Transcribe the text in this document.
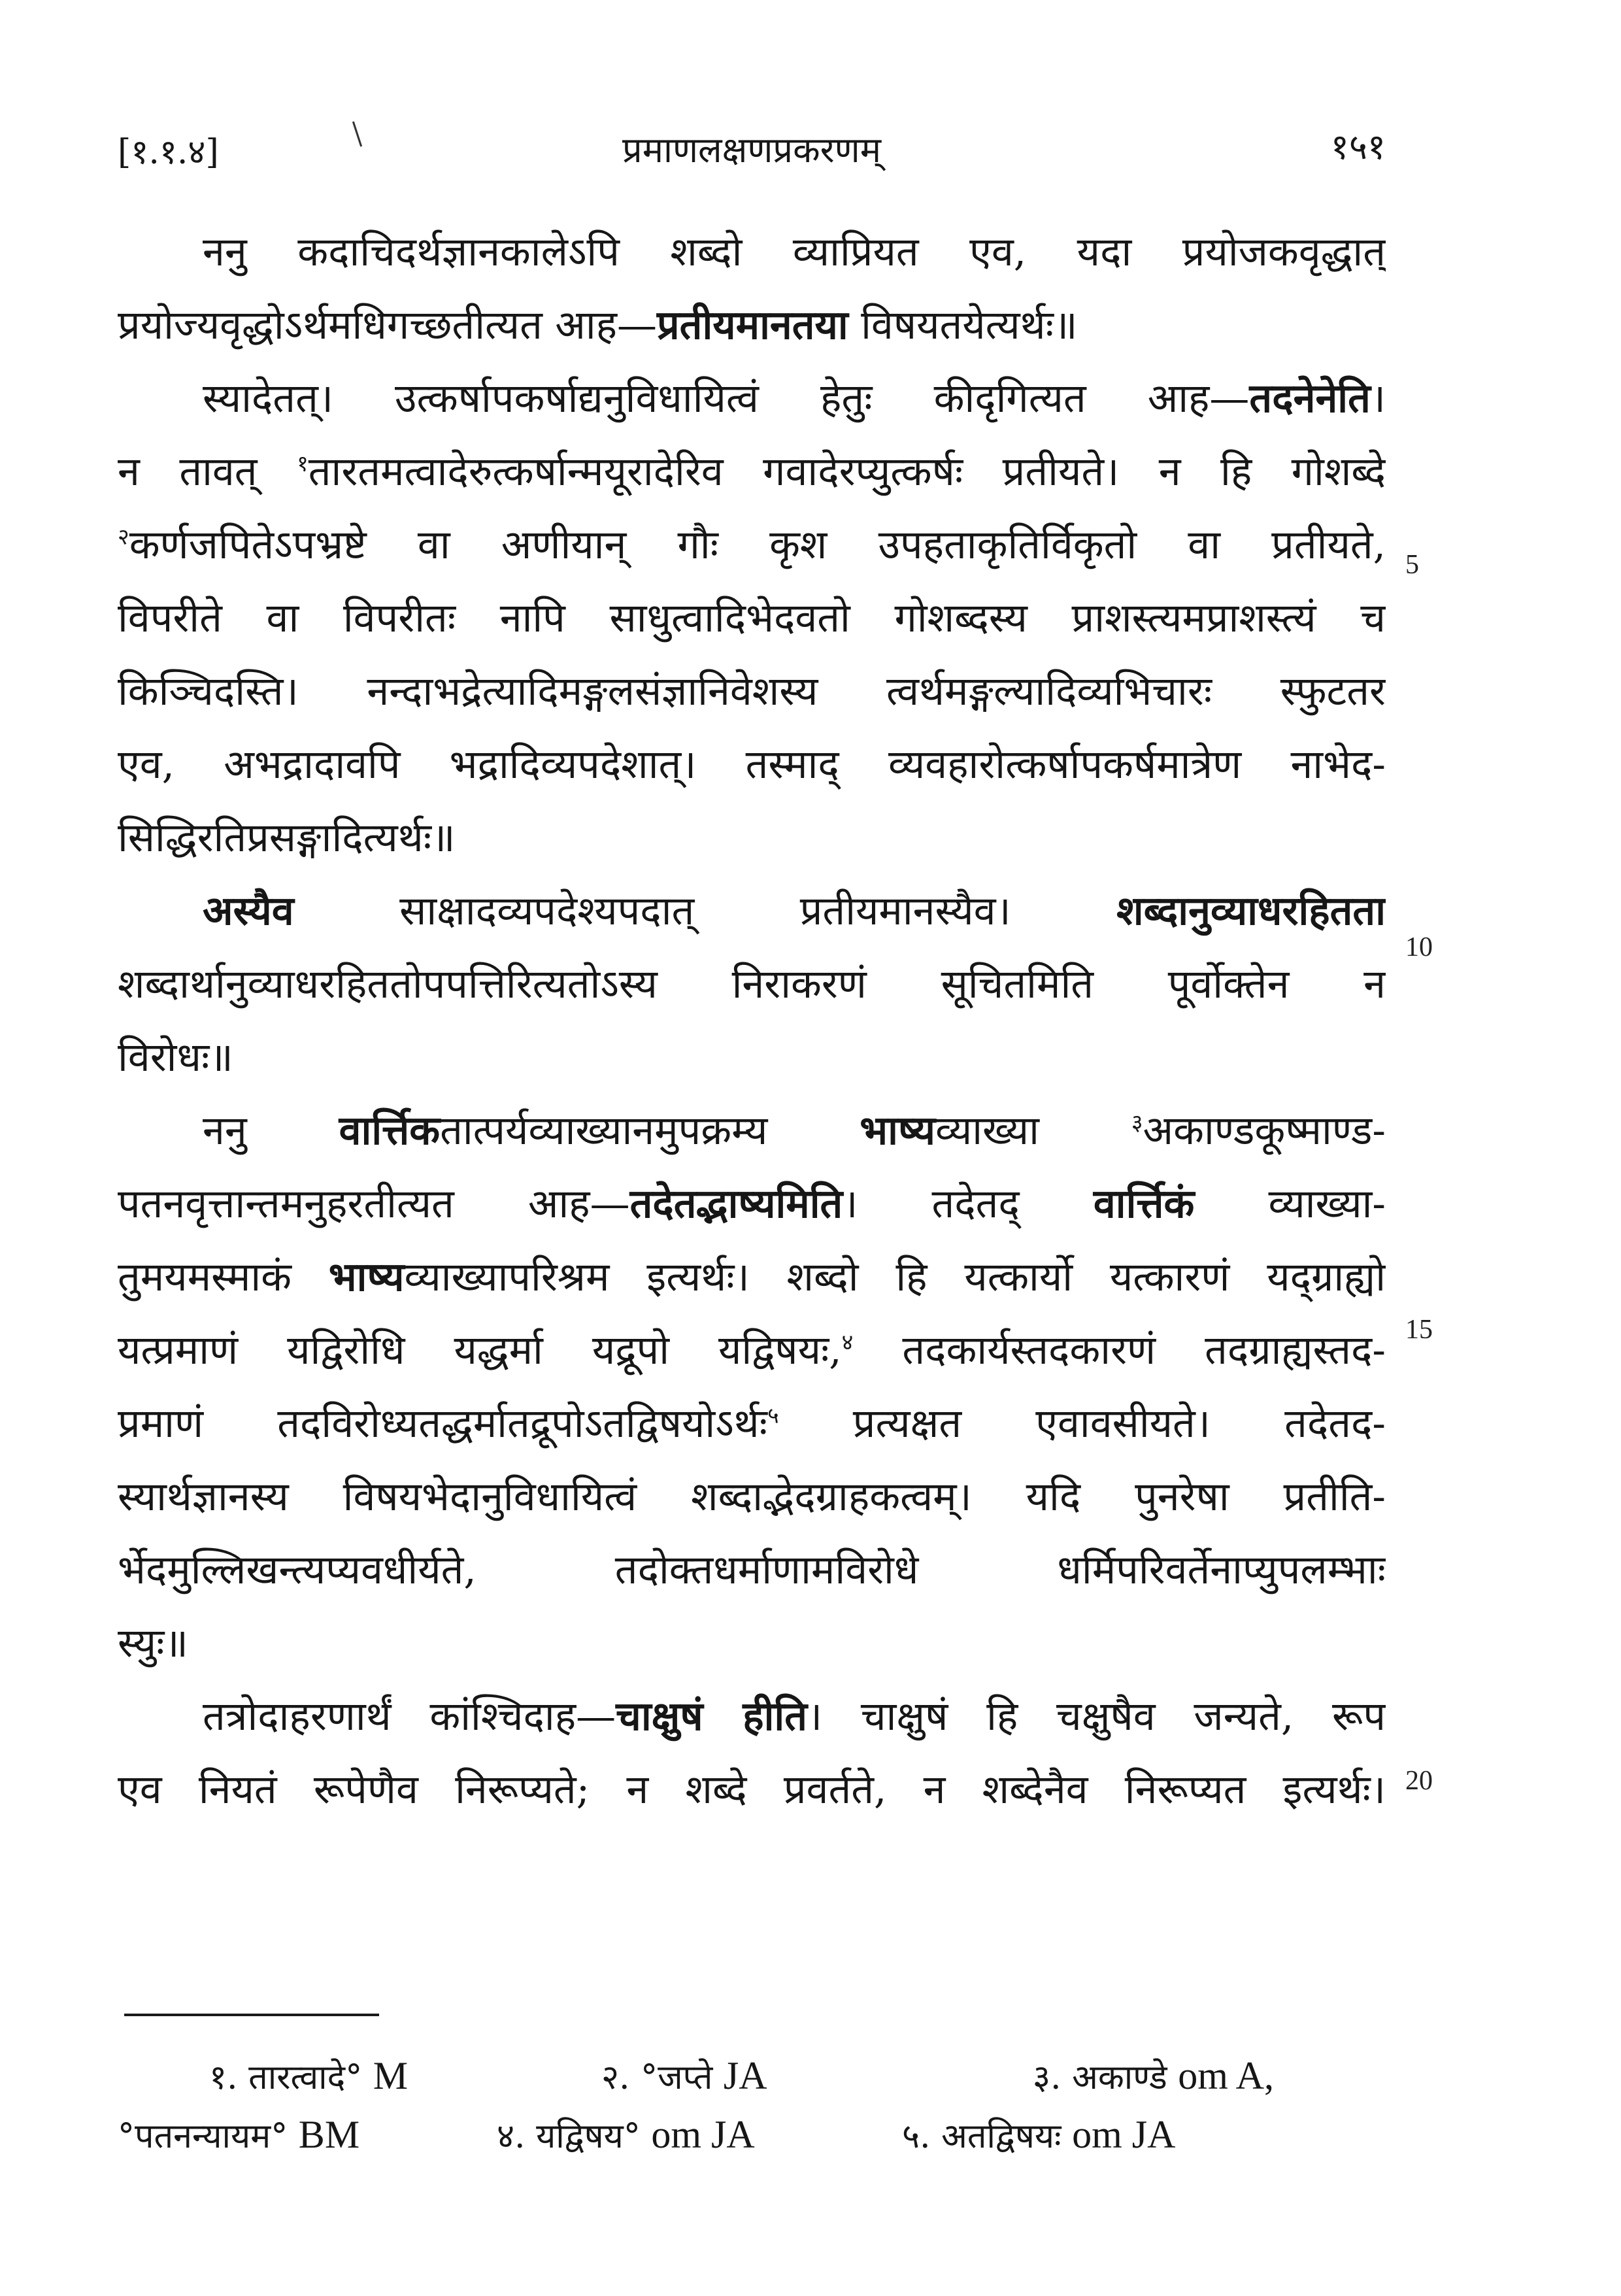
[१.१.४]	प्रमाणलक्षणप्रकरणम्	१५१
ननु कदाचिदर्थज्ञानकालेऽपि शब्दो व्याप्रियत एव, यदा प्रयोजकवृद्धात्
प्रयोज्यवृद्धोऽर्थमधिगच्छतीत्यत आह—प्रतीयमानतया विषयतयेत्यर्थः॥
स्यादेतत्। उत्कर्षापकर्षाद्यनुविधायित्वं हेतुः कीदृगित्यत आह—तदनेनेति।
न तावत् $^१$तारतमत्वादेरुत्कर्षान्मयूरादेरिव गवादेरप्युत्कर्षः प्रतीयते। न हि गोशब्दे
$^२$कर्णजपितेऽपभ्रष्टे वा अणीयान् गौः कृश उपहताकृतिर्विकृतो वा प्रतीयते,
विपरीते वा विपरीतः नापि साधुत्वादिभेदवतो गोशब्दस्य प्राशस्त्यमप्राशस्त्यं च
किञ्चिदस्ति। नन्दाभद्रेत्यादिमङ्गलसंज्ञानिवेशस्य त्वर्थमङ्गल्यादिव्यभिचारः स्फुटतर
एव, अभद्रादावपि भद्रादिव्यपदेशात्। तस्माद् व्यवहारोत्कर्षापकर्षमात्रेण नाभेद-
सिद्धिरतिप्रसङ्गादित्यर्थः॥
अस्यैव साक्षादव्यपदेश्यपदात् प्रतीयमानस्यैव। शब्दानुव्याधरहितता
शब्दार्थानुव्याधरहिततोपपत्तिरित्यतोऽस्य निराकरणं सूचितमिति पूर्वोक्तेन न
विरोधः॥
ननु वार्त्तिकतात्पर्यव्याख्यानमुपक्रम्य भाष्यव्याख्या $^३$अकाण्डकूष्माण्ड-
पतनवृत्तान्तमनुहरतीत्यत आह—तदेतद्भाष्यमिति। तदेतद् वार्त्तिकं व्याख्या-
तुमयमस्माकं भाष्यव्याख्यापरिश्रम इत्यर्थः। शब्दो हि यत्कार्यो यत्कारणं यद्ग्राह्यो
यत्प्रमाणं यद्विरोधि यद्धर्मा यद्रूपो यद्विषयः,$^४$ तदकार्यस्तदकारणं तदग्राह्यस्तद-
प्रमाणं तदविरोध्यतद्धर्मातद्रूपोऽतद्विषयोऽर्थः$^५$ प्रत्यक्षत एवावसीयते। तदेतद-
स्यार्थज्ञानस्य विषयभेदानुविधायित्वं शब्दाद्भेदग्राहकत्वम्। यदि पुनरेषा प्रतीति-
र्भेदमुल्लिखन्त्यप्यवधीर्यते, तदोक्तधर्माणामविरोधे धर्मिपरिवर्तेनाप्युपलम्भाः
स्युः॥
तत्रोदाहरणार्थं कांश्चिदाह—चाक्षुषं हीति। चाक्षुषं हि चक्षुषैव जन्यते, रूप
एव नियतं रूपेणैव निरूप्यते; न शब्दे प्रवर्तते, न शब्देनैव निरूप्यत इत्यर्थः।
5
10
15
20
१. तारत्वादे° M	२. °जप्ते JA	३. अकाण्डे om A,
°पतनन्यायम° BM	४. यद्विषय° om JA	५. अतद्विषयः om JA
